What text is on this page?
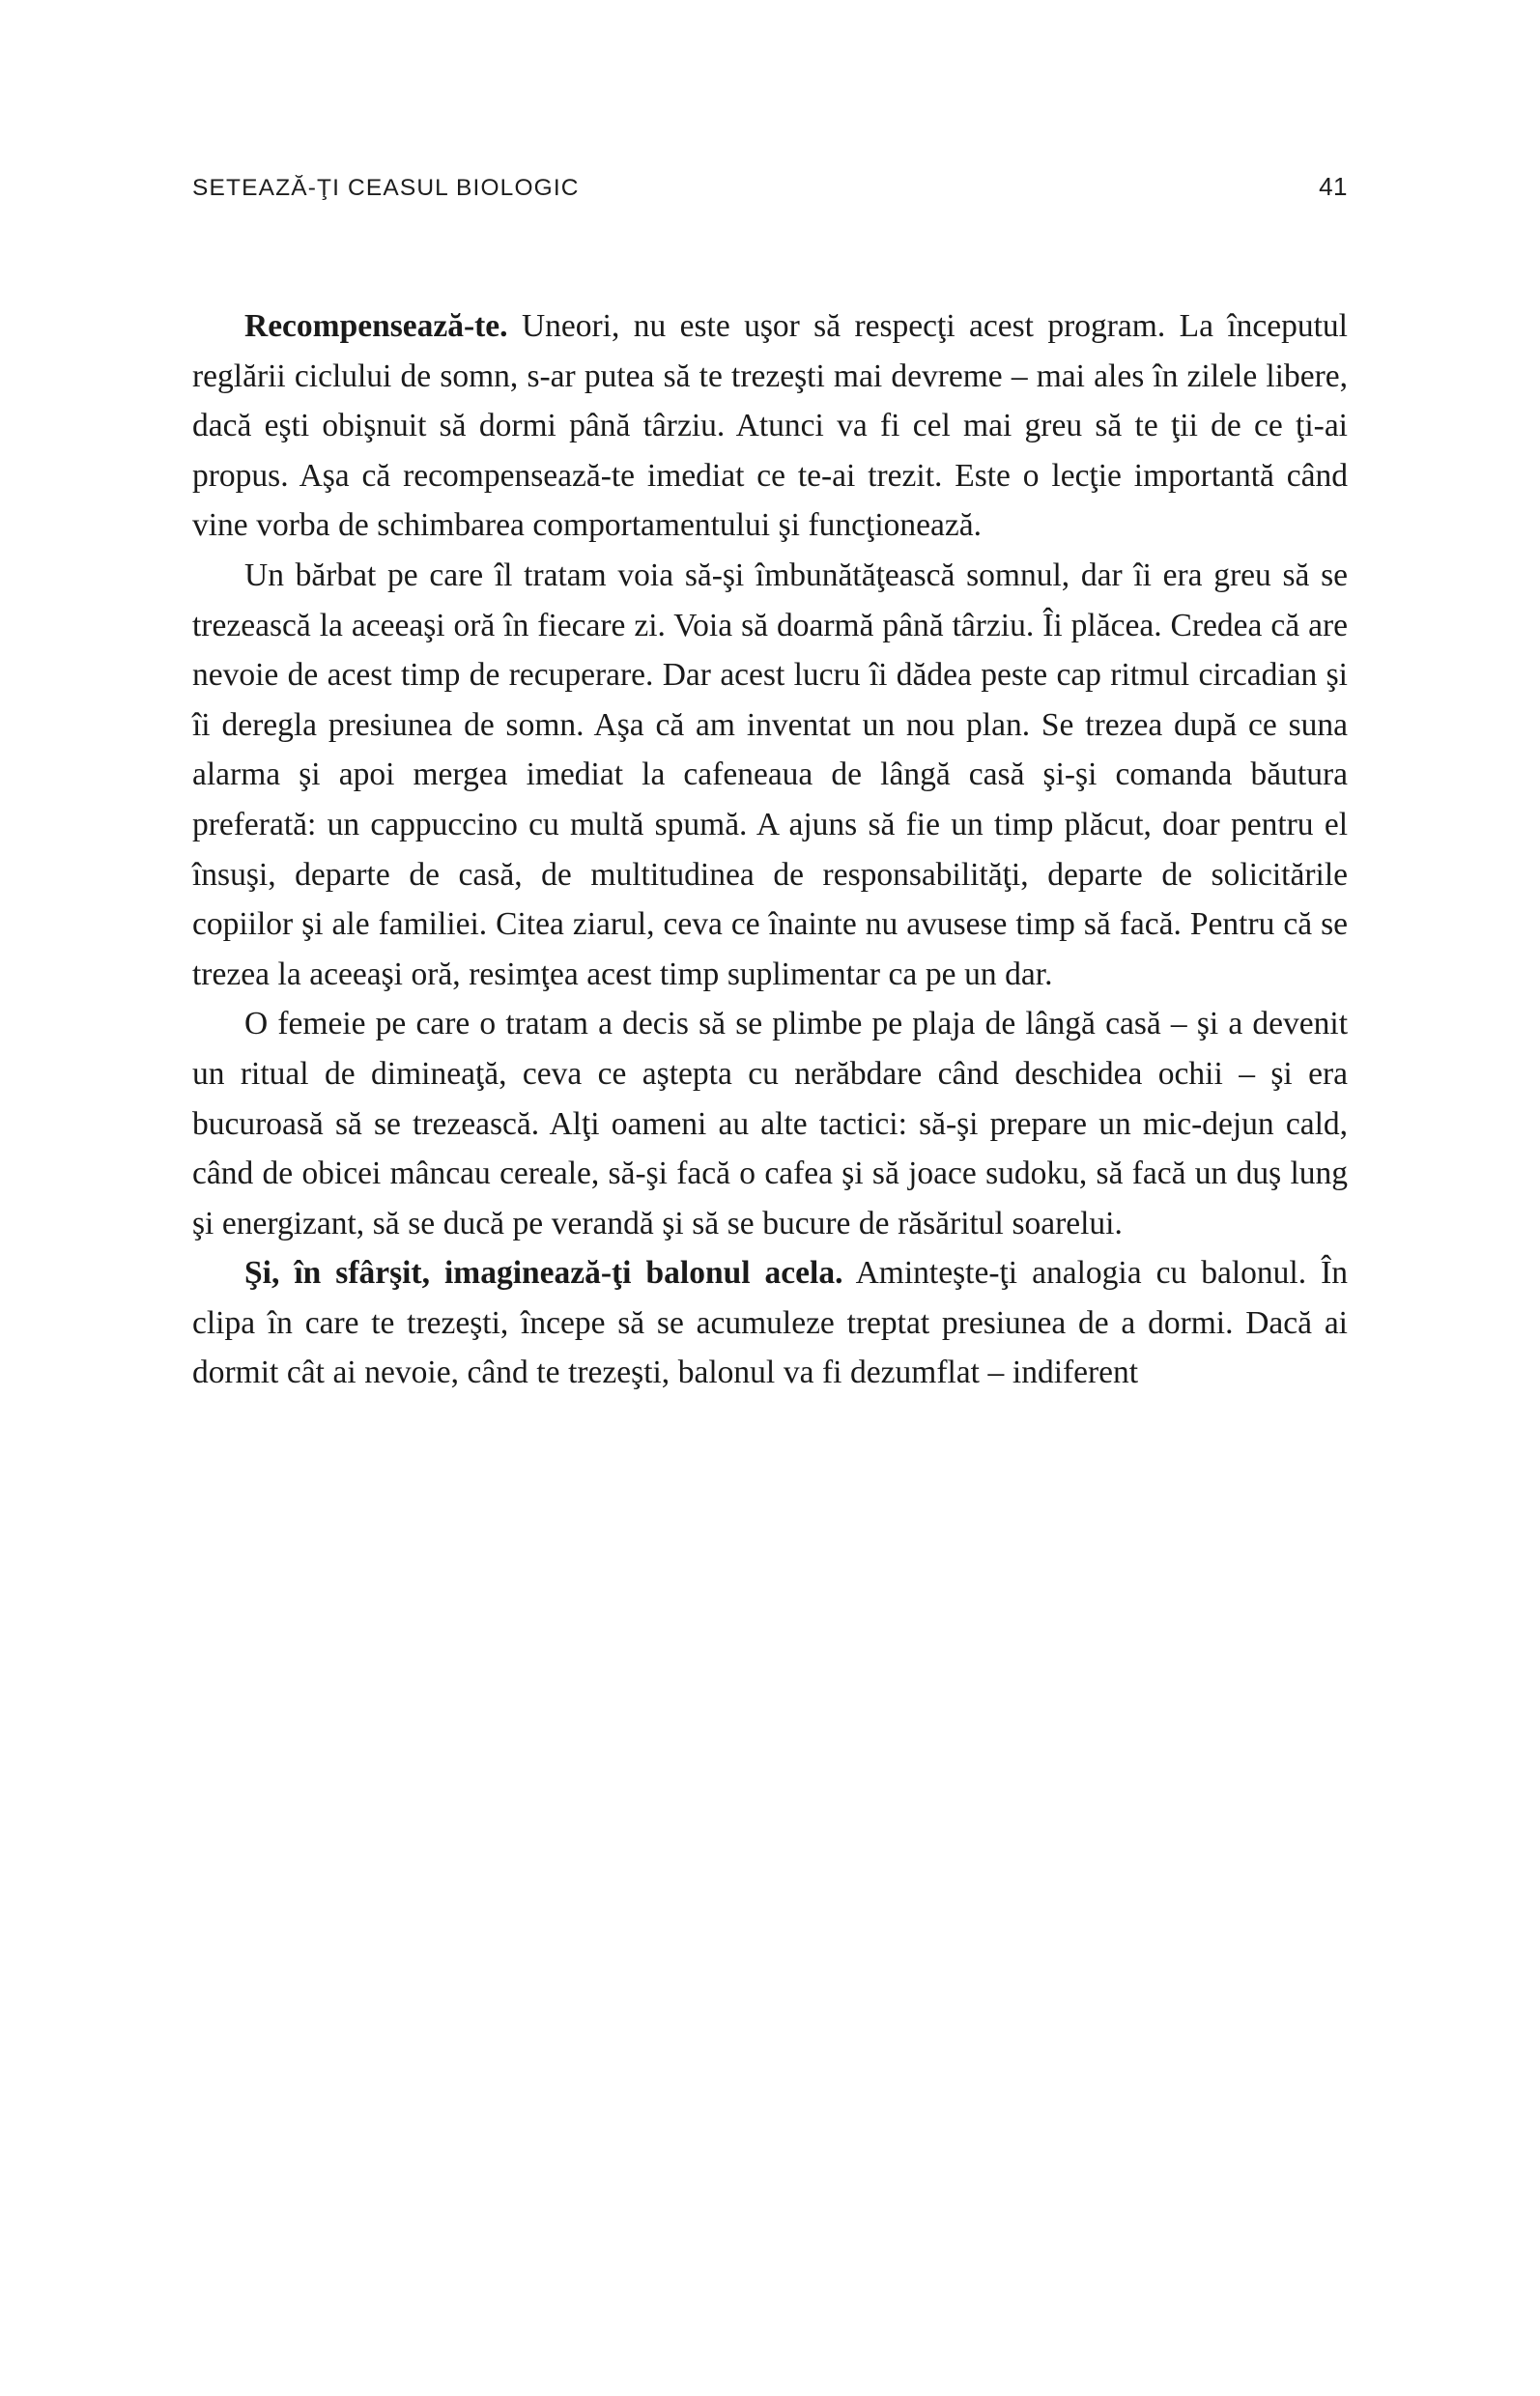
SETEAZĂ-ŢI CEASUL BIOLOGIC	41

Recompensează-te. Uneori, nu este uşor să respecţi acest program. La începutul reglării ciclului de somn, s-ar putea să te trezeşti mai devreme – mai ales în zilele libere, dacă eşti obişnuit să dormi până târziu. Atunci va fi cel mai greu să te ţii de ce ţi-ai propus. Aşa că recompensează-te imediat ce te-ai trezit. Este o lecţie importantă când vine vorba de schimbarea comportamentului şi funcţionează.

Un bărbat pe care îl tratam voia să-şi îmbunătăţească somnul, dar îi era greu să se trezească la aceeaşi oră în fiecare zi. Voia să doarmă până târziu. Îi plăcea. Credea că are nevoie de acest timp de recuperare. Dar acest lucru îi dădea peste cap ritmul circadian şi îi deregla presiunea de somn. Aşa că am inventat un nou plan. Se trezea după ce suna alarma şi apoi mergea imediat la cafeneaua de lângă casă şi-şi comanda băutura preferată: un cappuccino cu multă spumă. A ajuns să fie un timp plăcut, doar pentru el însuşi, departe de casă, de multitudinea de responsabilităţi, departe de solicitările copiilor şi ale familiei. Citea ziarul, ceva ce înainte nu avusese timp să facă. Pentru că se trezea la aceeaşi oră, resimţea acest timp suplimentar ca pe un dar.

O femeie pe care o tratam a decis să se plimbe pe plaja de lângă casă – şi a devenit un ritual de dimineaţă, ceva ce aştepta cu nerăbdare când deschidea ochii – şi era bucuroasă să se trezească. Alţi oameni au alte tactici: să-şi prepare un mic-dejun cald, când de obicei mâncau cereale, să-şi facă o cafea şi să joace sudoku, să facă un duş lung şi energizant, să se ducă pe verandă şi să se bucure de răsăritul soarelui.

Şi, în sfârşit, imaginează-ţi balonul acela. Aminteşte-ţi analogia cu balonul. În clipa în care te trezeşti, începe să se acumuleze treptat presiunea de a dormi. Dacă ai dormit cât ai nevoie, când te trezeşti, balonul va fi dezumflat – indiferent
